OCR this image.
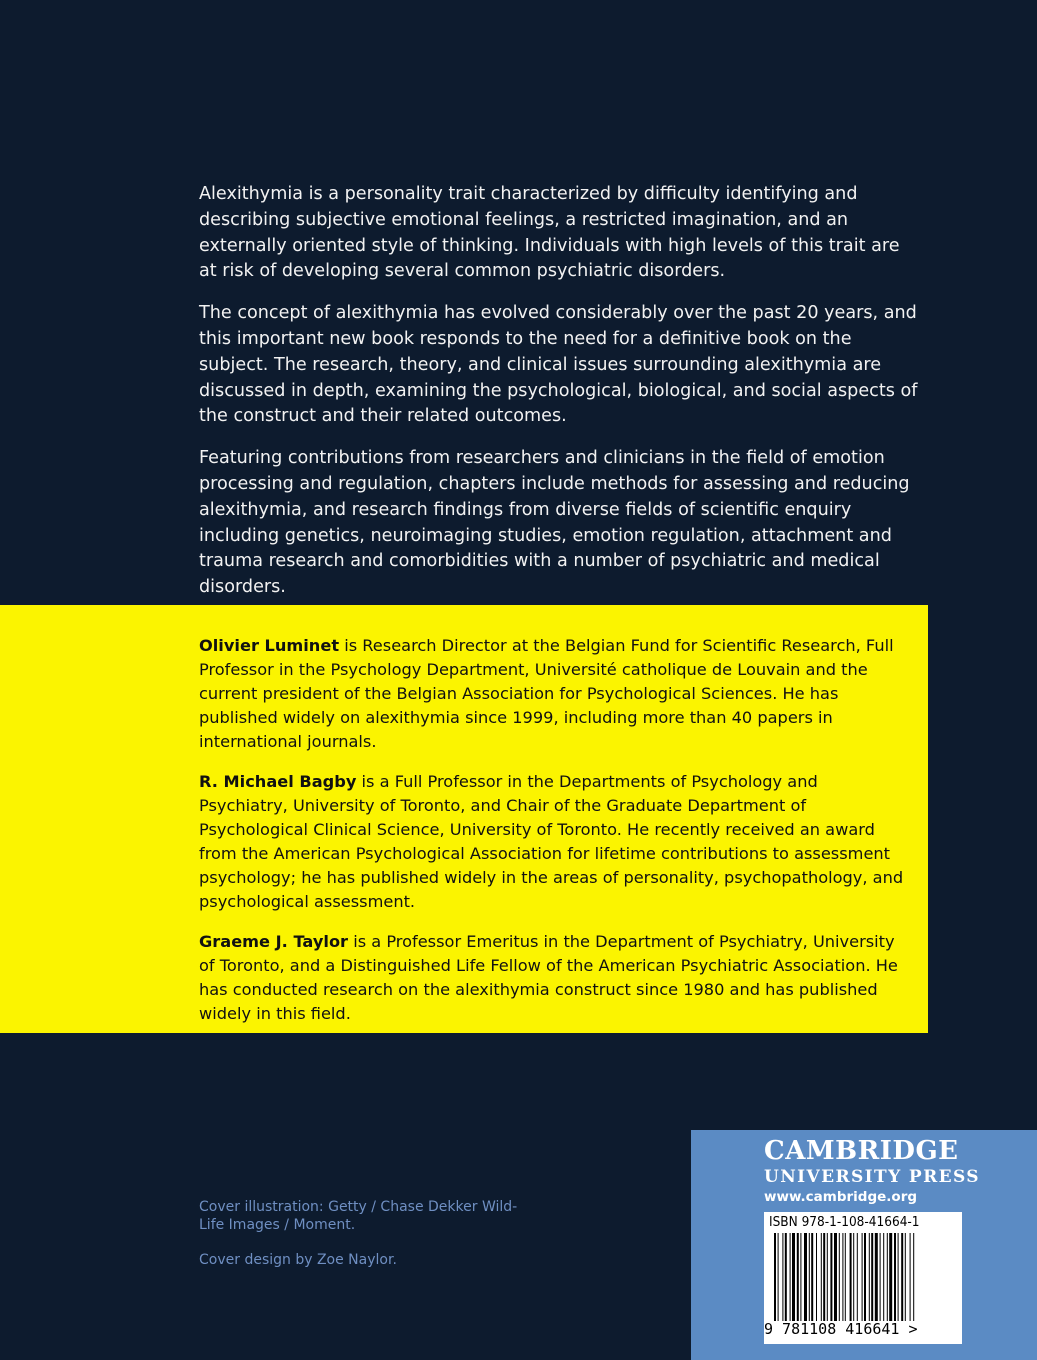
Alexithymia is a personality trait characterized by difficulty identifying and describing subjective emotional feelings, a restricted imagination, and an externally oriented style of thinking. Individuals with high levels of this trait are at risk of developing several common psychiatric disorders.

The concept of alexithymia has evolved considerably over the past 20 years, and this important new book responds to the need for a definitive book on the subject. The research, theory, and clinical issues surrounding alexithymia are discussed in depth, examining the psychological, biological, and social aspects of the construct and their related outcomes.

Featuring contributions from researchers and clinicians in the field of emotion processing and regulation, chapters include methods for assessing and reducing alexithymia, and research findings from diverse fields of scientific enquiry including genetics, neuroimaging studies, emotion regulation, attachment and trauma research and comorbidities with a number of psychiatric and medical disorders.

Olivier Luminet is Research Director at the Belgian Fund for Scientific Research, Full Professor in the Psychology Department, Université catholique de Louvain and the current president of the Belgian Association for Psychological Sciences. He has published widely on alexithymia since 1999, including more than 40 papers in international journals.

R. Michael Bagby is a Full Professor in the Departments of Psychology and Psychiatry, University of Toronto, and Chair of the Graduate Department of Psychological Clinical Science, University of Toronto. He recently received an award from the American Psychological Association for lifetime contributions to assessment psychology; he has published widely in the areas of personality, psychopathology, and psychological assessment.

Graeme J. Taylor is a Professor Emeritus in the Department of Psychiatry, University of Toronto, and a Distinguished Life Fellow of the American Psychiatric Association. He has conducted research on the alexithymia construct since 1980 and has published widely in this field.

Cover illustration: Getty / Chase Dekker Wild-Life Images / Moment.

Cover design by Zoe Naylor.

CAMBRIDGE
UNIVERSITY PRESS
www.cambridge.org
ISBN 978-1-108-41664-1
9 781108 416641 >
